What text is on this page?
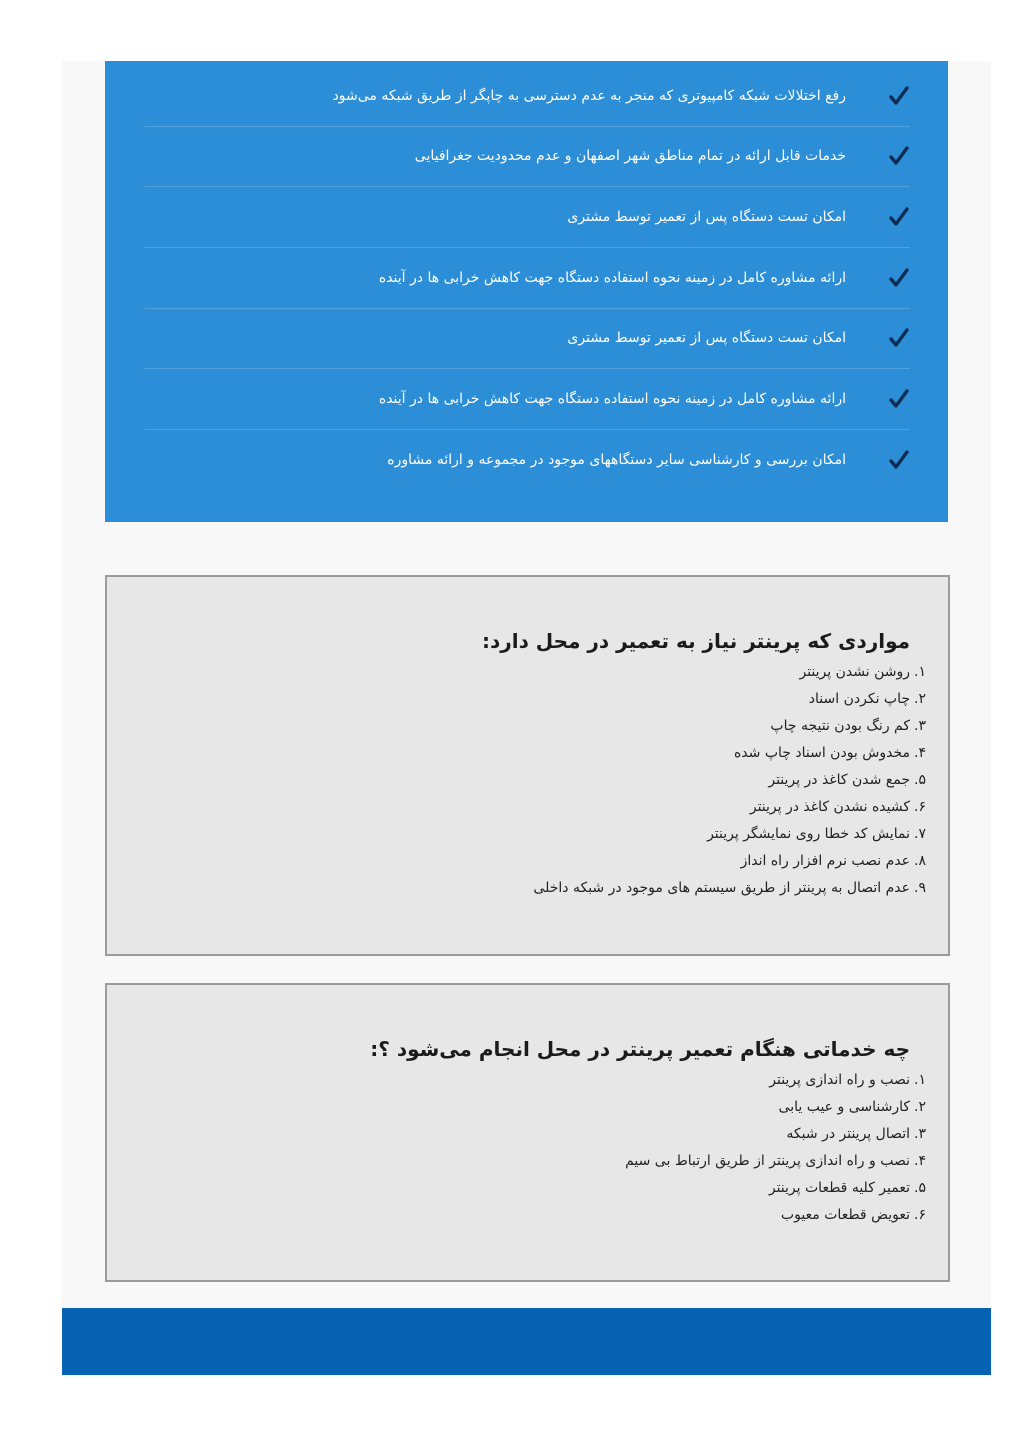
رفع اختلالات شبکه کامپیوتری که منجر به عدم دسترسی به چاپگر از طریق شبکه می‌شود
خدمات قابل ارائه در تمام مناطق شهر اصفهان و عدم محدودیت جغرافیایی
امکان تست دستگاه پس از تعمیر توسط مشتری
ارائه مشاوره کامل در زمینه نحوه استفاده دستگاه جهت کاهش خرابی ها در آینده
امکان تست دستگاه پس از تعمیر توسط مشتری
ارائه مشاوره کامل در زمینه نحوه استفاده دستگاه جهت کاهش خرابی ها در آینده
امکان بررسی و کارشناسی سایر دستگاههای موجود در مجموعه و ارائه مشاوره
مواردی که پرینتر نیاز به تعمیر در محل دارد:
۱.
روشن نشدن پرینتر
۲.
چاپ نکردن اسناد
۳.
کم رنگ بودن نتیجه چاپ
۴.
مخدوش بودن اسناد چاپ شده
۵.
جمع شدن کاغذ در پرینتر
۶.
کشیده نشدن کاغذ در پرینتر
۷.
نمایش کد خطا روی نمایشگر پرینتر
۸.
عدم نصب نرم افزار راه انداز
۹.
عدم اتصال به پرینتر از طریق سیستم های موجود در شبکه داخلی
چه خدماتی هنگام تعمیر پرینتر در محل انجام می‌شود ؟:
۱.
نصب و راه اندازی پرینتر
۲.
کارشناسی و عیب یابی
۳.
اتصال پرینتر در شبکه
۴.
نصب و راه اندازی پرینتر از طریق ارتباط بی سیم
۵.
تعمیر کلیه قطعات پرینتر
۶.
تعویض قطعات معیوب
